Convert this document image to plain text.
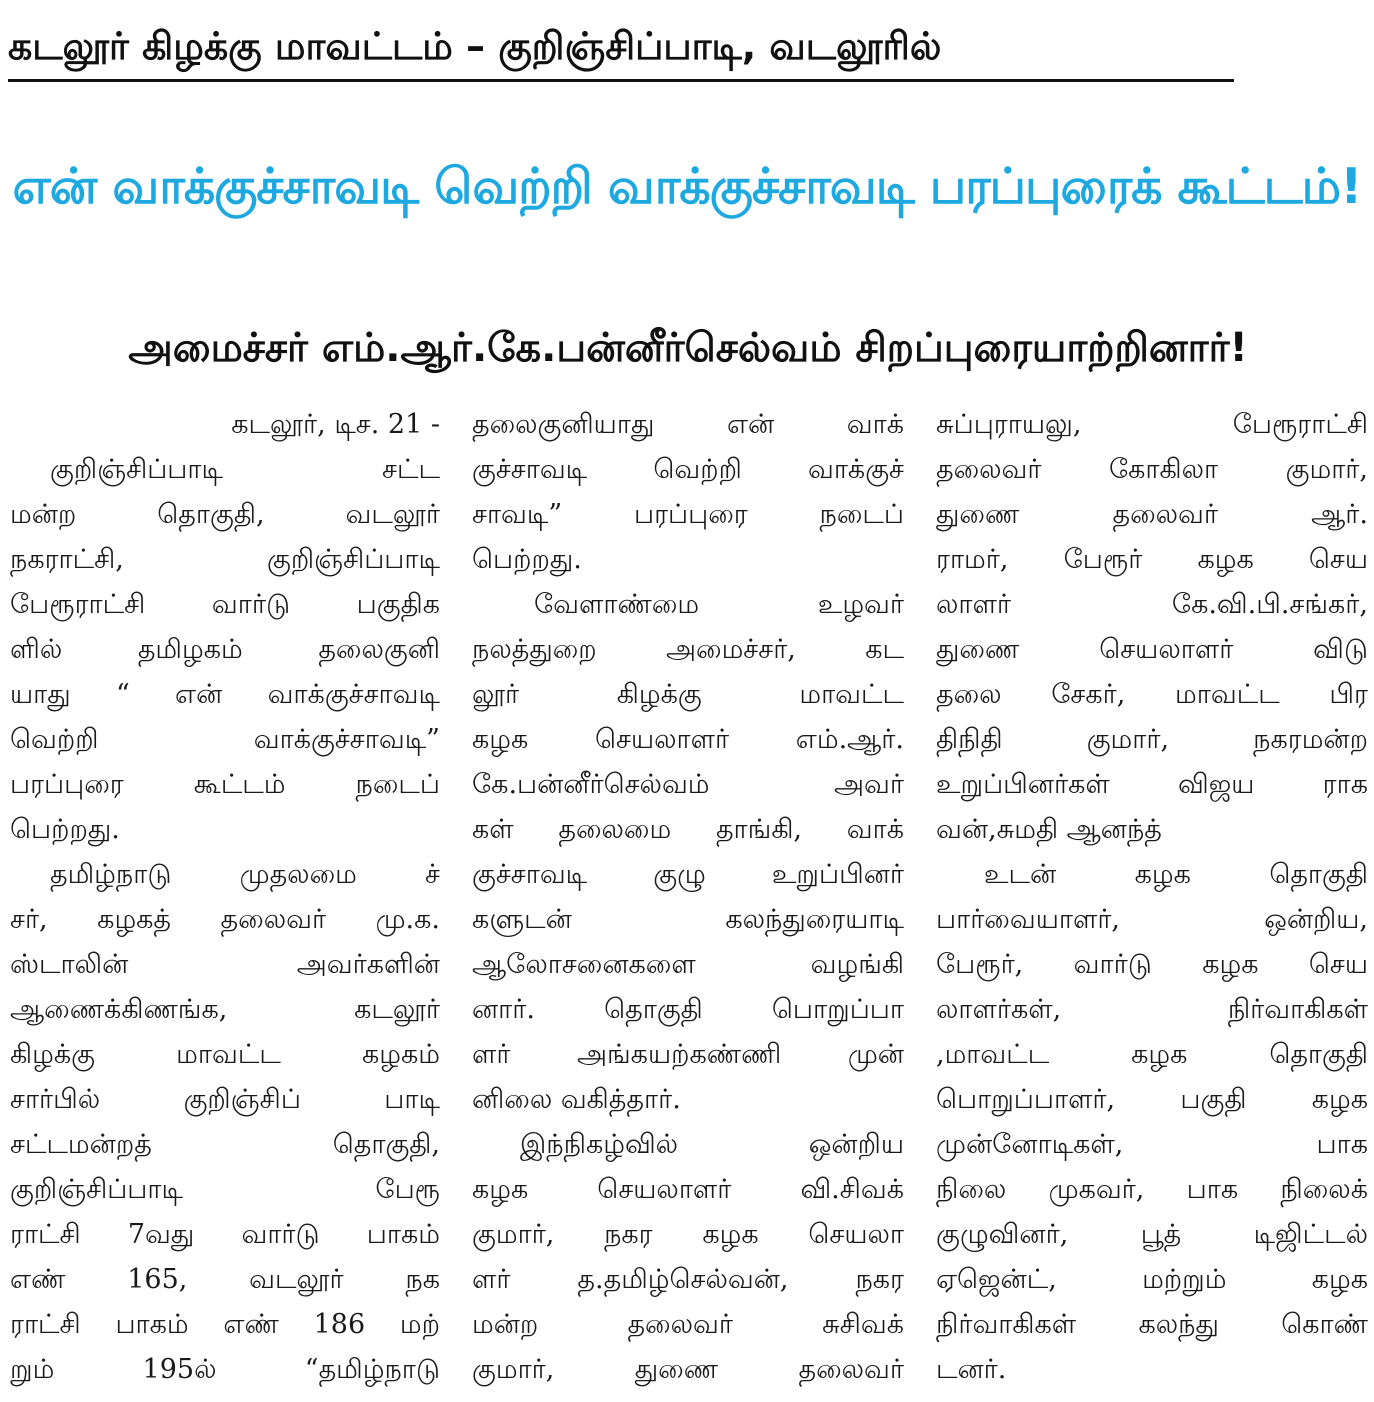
கடலூர் கிழக்கு மாவட்டம் – குறிஞ்சிப்பாடி, வடலூரில்
என் வாக்குச்சாவடி வெற்றி வாக்குச்சாவடி பரப்புரைக் கூட்டம்!
அமைச்சர் எம்.ஆர்.கே.பன்னீர்செல்வம் சிறப்புரையாற்றினார்!
கடலூர், டிச. 21 -
குறிஞ்சிப்பாடி சட்ட
மன்ற தொகுதி, வடலூர்
நகராட்சி, குறிஞ்சிப்பாடி
பேரூராட்சி வார்டு பகுதிக
ளில் தமிழகம் தலைகுனி
யாது “ என் வாக்குச்சாவடி
வெற்றி வாக்குச்சாவடி”
பரப்புரை கூட்டம் நடைப்
பெற்றது.
தமிழ்நாடு முதலமை ச்
சர், கழகத் தலைவர் மு.க.
ஸ்டாலின் அவர்களின்
ஆணைக்கிணங்க, கடலூர்
கிழக்கு மாவட்ட கழகம்
சார்பில் குறிஞ்சிப் பாடி
சட்டமன்றத் தொகுதி,
குறிஞ்சிப்பாடி பேரூ
ராட்சி 7வது வார்டு பாகம்
எண் 165, வடலூர் நக
ராட்சி பாகம் எண் 186 மற்
றும் 195ல் “தமிழ்நாடு
தலைகுனியாது என் வாக்
குச்சாவடி வெற்றி வாக்குச்
சாவடி” பரப்புரை நடைப்
பெற்றது.
வேளாண்மை உழவர்
நலத்துறை அமைச்சர், கட
லூர் கிழக்கு மாவட்ட
கழக செயலாளர் எம்.ஆர்.
கே.பன்னீர்செல்வம் அவர்
கள் தலைமை தாங்கி, வாக்
குச்சாவடி குழு உறுப்பினர்
களுடன் கலந்துரையாடி
ஆலோசனைகளை வழங்கி
னார். தொகுதி பொறுப்பா
ளர் அங்கயற்கண்ணி முன்
னிலை வகித்தார்.
இந்நிகழ்வில் ஒன்றிய
கழக செயலாளர் வி.சிவக்
குமார், நகர கழக செயலா
ளர் த.தமிழ்செல்வன், நகர
மன்ற தலைவர் சுசிவக்
குமார், துணை தலைவர்
சுப்புராயலு, பேரூராட்சி
தலைவர் கோகிலா குமார்,
துணை தலைவர் ஆர்.
ராமர், பேரூர் கழக செய
லாளர் கே.வி.பி.சங்கர்,
துணை செயலாளர் விடு
தலை சேகர், மாவட்ட பிர
திநிதி குமார், நகரமன்ற
உறுப்பினர்கள் விஜய ராக
வன்,சுமதி ஆனந்த்
உடன் கழக தொகுதி
பார்வையாளர், ஒன்றிய,
பேரூர், வார்டு கழக செய
லாளர்கள், நிர்வாகிகள்
,மாவட்ட கழக தொகுதி
பொறுப்பாளர், பகுதி கழக
முன்னோடிகள், பாக
நிலை முகவர், பாக நிலைக்
குழுவினர், பூத் டிஜிட்டல்
ஏஜென்ட், மற்றும் கழக
நிர்வாகிகள் கலந்து கொண்
டனர்.
